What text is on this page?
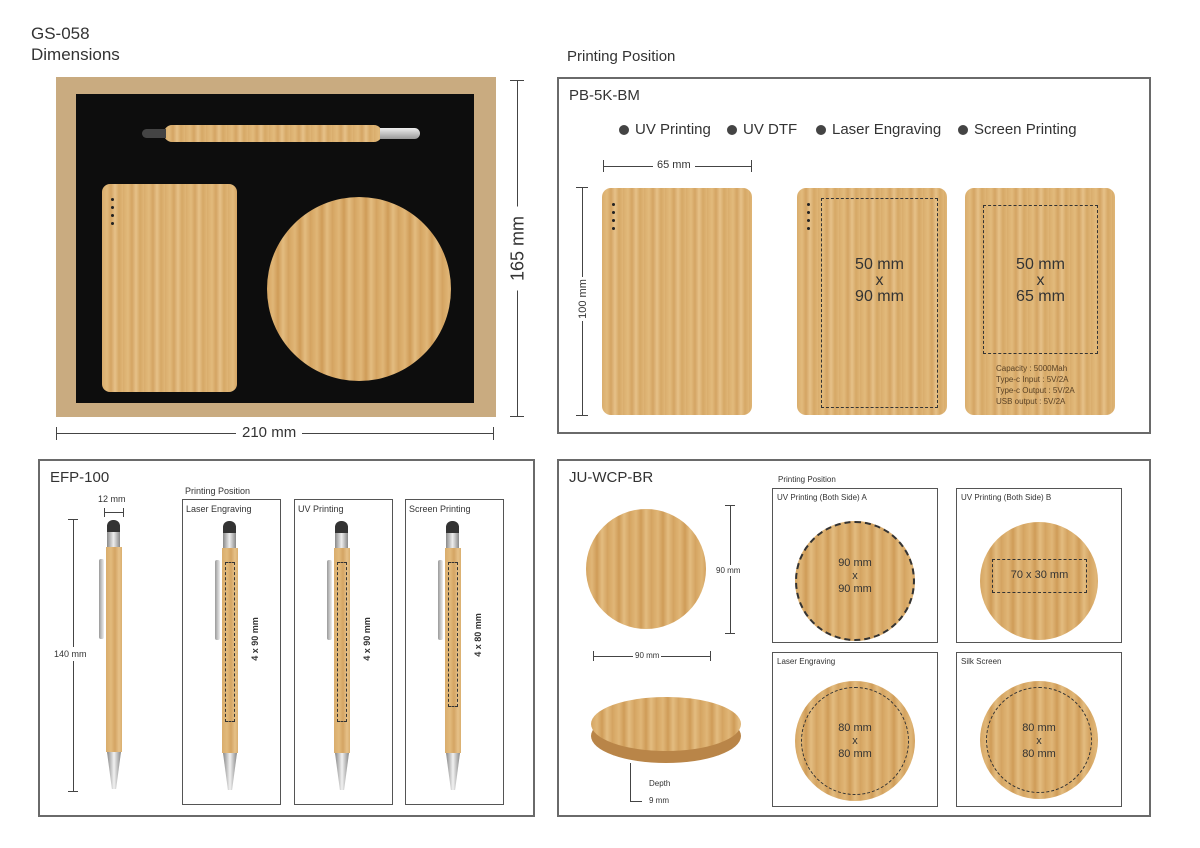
GS-058
Dimensions
165 mm
210 mm
Printing Position
PB-5K-BM
UV Printing	UV DTF	Laser Engraving	Screen Printing
65 mm
100 mm
50 mm
x
90 mm
50 mm
x
65 mm
Capacity : 5000Mah
Type-c Input : 5V/2A
Type-c Output : 5V/2A
USB output : 5V/2A
EFP-100
12 mm
140 mm
Printing Position
Laser Engraving
4 x 90 mm
UV Printing
4 x 90 mm
Screen Printing
4 x 80 mm
JU-WCP-BR
90 mm
90 mm
Depth
9 mm
Printing Position
UV Printing (Both Side) A
90 mm
x
90 mm
UV Printing (Both Side) B
70 x 30 mm
Laser Engraving
80 mm
x
80 mm
Silk Screen
80 mm
x
80 mm
